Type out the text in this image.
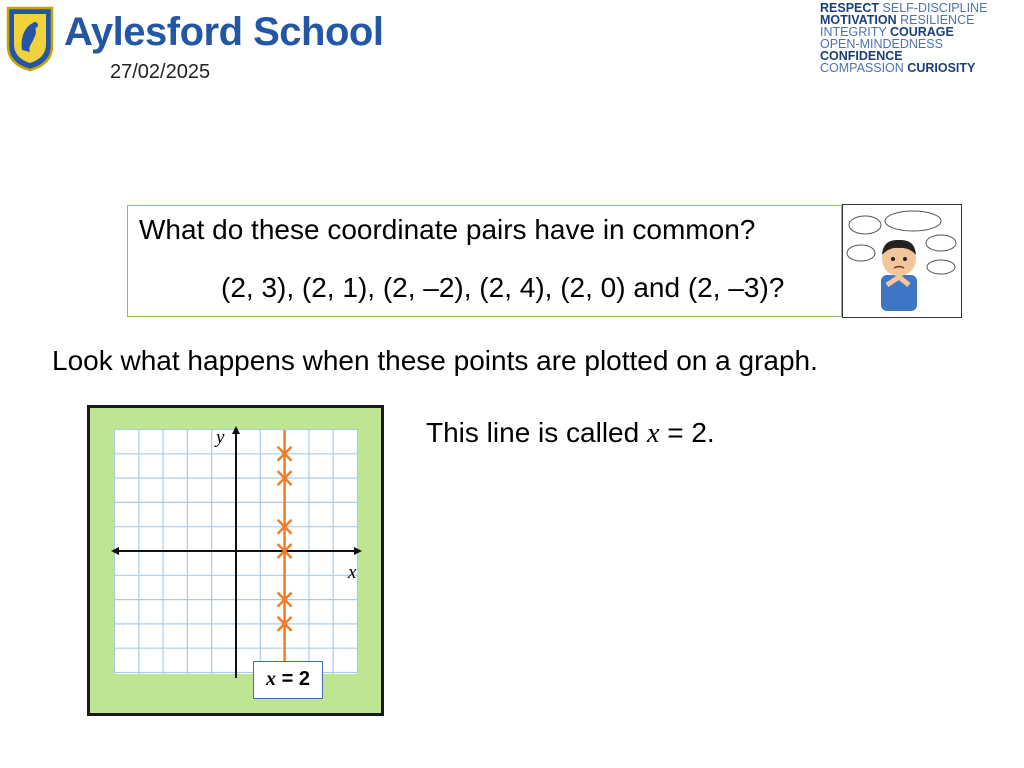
Aylesford School
27/02/2025
RESPECT SELF-DISCIPLINE
MOTIVATION RESILIENCE
INTEGRITY COURAGE
OPEN-MINDEDNESS
CONFIDENCE
COMPASSION CURIOSITY
What do these coordinate pairs have in common?
(2, 3), (2, 1), (2, –2), (2, 4), (2, 0) and (2, –3)?
Look what happens when these points are plotted on a graph.
y
x
x = 2
This line is called x = 2.
